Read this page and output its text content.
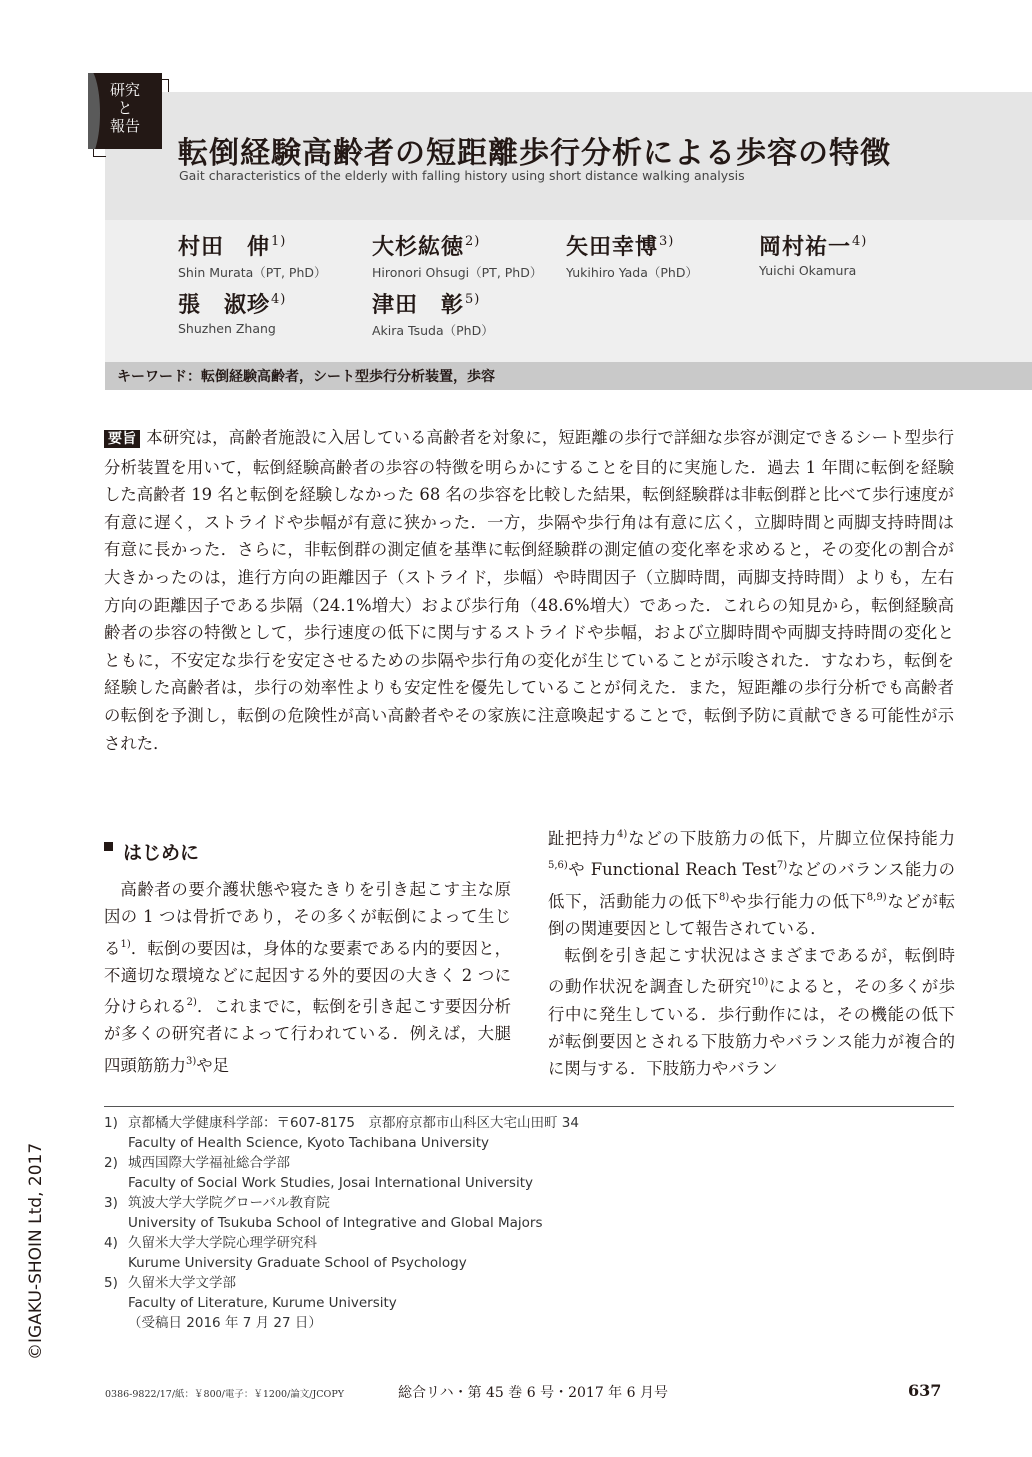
研究
と
報告
転倒経験高齢者の短距離歩行分析による歩容の特徴
Gait characteristics of the elderly with falling history using short distance walking analysis
村田　伸$^{1)}$
Shin Murata（PT, PhD）
大杉紘徳$^{2)}$
Hironori Ohsugi（PT, PhD）
矢田幸博$^{3)}$
Yukihiro Yada（PhD）
岡村祐一$^{4)}$
Yuichi Okamura
張　淑珍$^{4)}$
Shuzhen Zhang
津田　彰$^{5)}$
Akira Tsuda（PhD）
キーワード：転倒経験高齢者，シート型歩行分析装置，歩容

要旨 本研究は，高齢者施設に入居している高齢者を対象に，短距離の歩行で詳細な歩容が測定できるシート型歩行分析装置を用いて，転倒経験高齢者の歩容の特徴を明らかにすることを目的に実施した．過去 1 年間に転倒を経験した高齢者 19 名と転倒を経験しなかった 68 名の歩容を比較した結果，転倒経験群は非転倒群と比べて歩行速度が有意に遅く，ストライドや歩幅が有意に狭かった．一方，歩隔や歩行角は有意に広く，立脚時間と両脚支持時間は有意に長かった．さらに，非転倒群の測定値を基準に転倒経験群の測定値の変化率を求めると，その変化の割合が大きかったのは，進行方向の距離因子（ストライド，歩幅）や時間因子（立脚時間，両脚支持時間）よりも，左右方向の距離因子である歩隔（24.1%増大）および歩行角（48.6%増大）であった．これらの知見から，転倒経験高齢者の歩容の特徴として，歩行速度の低下に関与するストライドや歩幅，および立脚時間や両脚支持時間の変化とともに，不安定な歩行を安定させるための歩隔や歩行角の変化が生じていることが示唆された．すなわち，転倒を経験した高齢者は，歩行の効率性よりも安定性を優先していることが伺えた．また，短距離の歩行分析でも高齢者の転倒を予測し，転倒の危険性が高い高齢者やその家族に注意喚起することで，転倒予防に貢献できる可能性が示された．

はじめに

高齢者の要介護状態や寝たきりを引き起こす主な原因の 1 つは骨折であり，その多くが転倒によって生じる$^{1)}$．転倒の要因は，身体的な要素である内的要因と，不適切な環境などに起因する外的要因の大きく 2 つに分けられる$^{2)}$．これまでに，転倒を引き起こす要因分析が多くの研究者によって行われている．例えば，大腿四頭筋筋力$^{3)}$や足

趾把持力$^{4)}$などの下肢筋力の低下，片脚立位保持能力$^{5,6)}$や Functional Reach Test$^{7)}$などのバランス能力の低下，活動能力の低下$^{8)}$や歩行能力の低下$^{8,9)}$などが転倒の関連要因として報告されている．

転倒を引き起こす状況はさまざまであるが，転倒時の動作状況を調査した研究$^{10)}$によると，その多くが歩行中に発生している．歩行動作には，その機能の低下が転倒要因とされる下肢筋力やバランス能力が複合的に関与する．下肢筋力やバラン

1) 京都橘大学健康科学部：〒607-8175　京都府京都市山科区大宅山田町 34
Faculty of Health Science, Kyoto Tachibana University
2) 城西国際大学福祉総合学部
Faculty of Social Work Studies, Josai International University
3) 筑波大学大学院グローバル教育院
University of Tsukuba School of Integrative and Global Majors
4) 久留米大学大学院心理学研究科
Kurume University Graduate School of Psychology
5) 久留米大学文学部
Faculty of Literature, Kurume University
（受稿日 2016 年 7 月 27 日）
©IGAKU-SHOIN Ltd, 2017
0386-9822/17/紙：￥800/電子：￥1200/論文/JCOPY	総合リハ・第 45 巻 6 号・2017 年 6 月号	637
